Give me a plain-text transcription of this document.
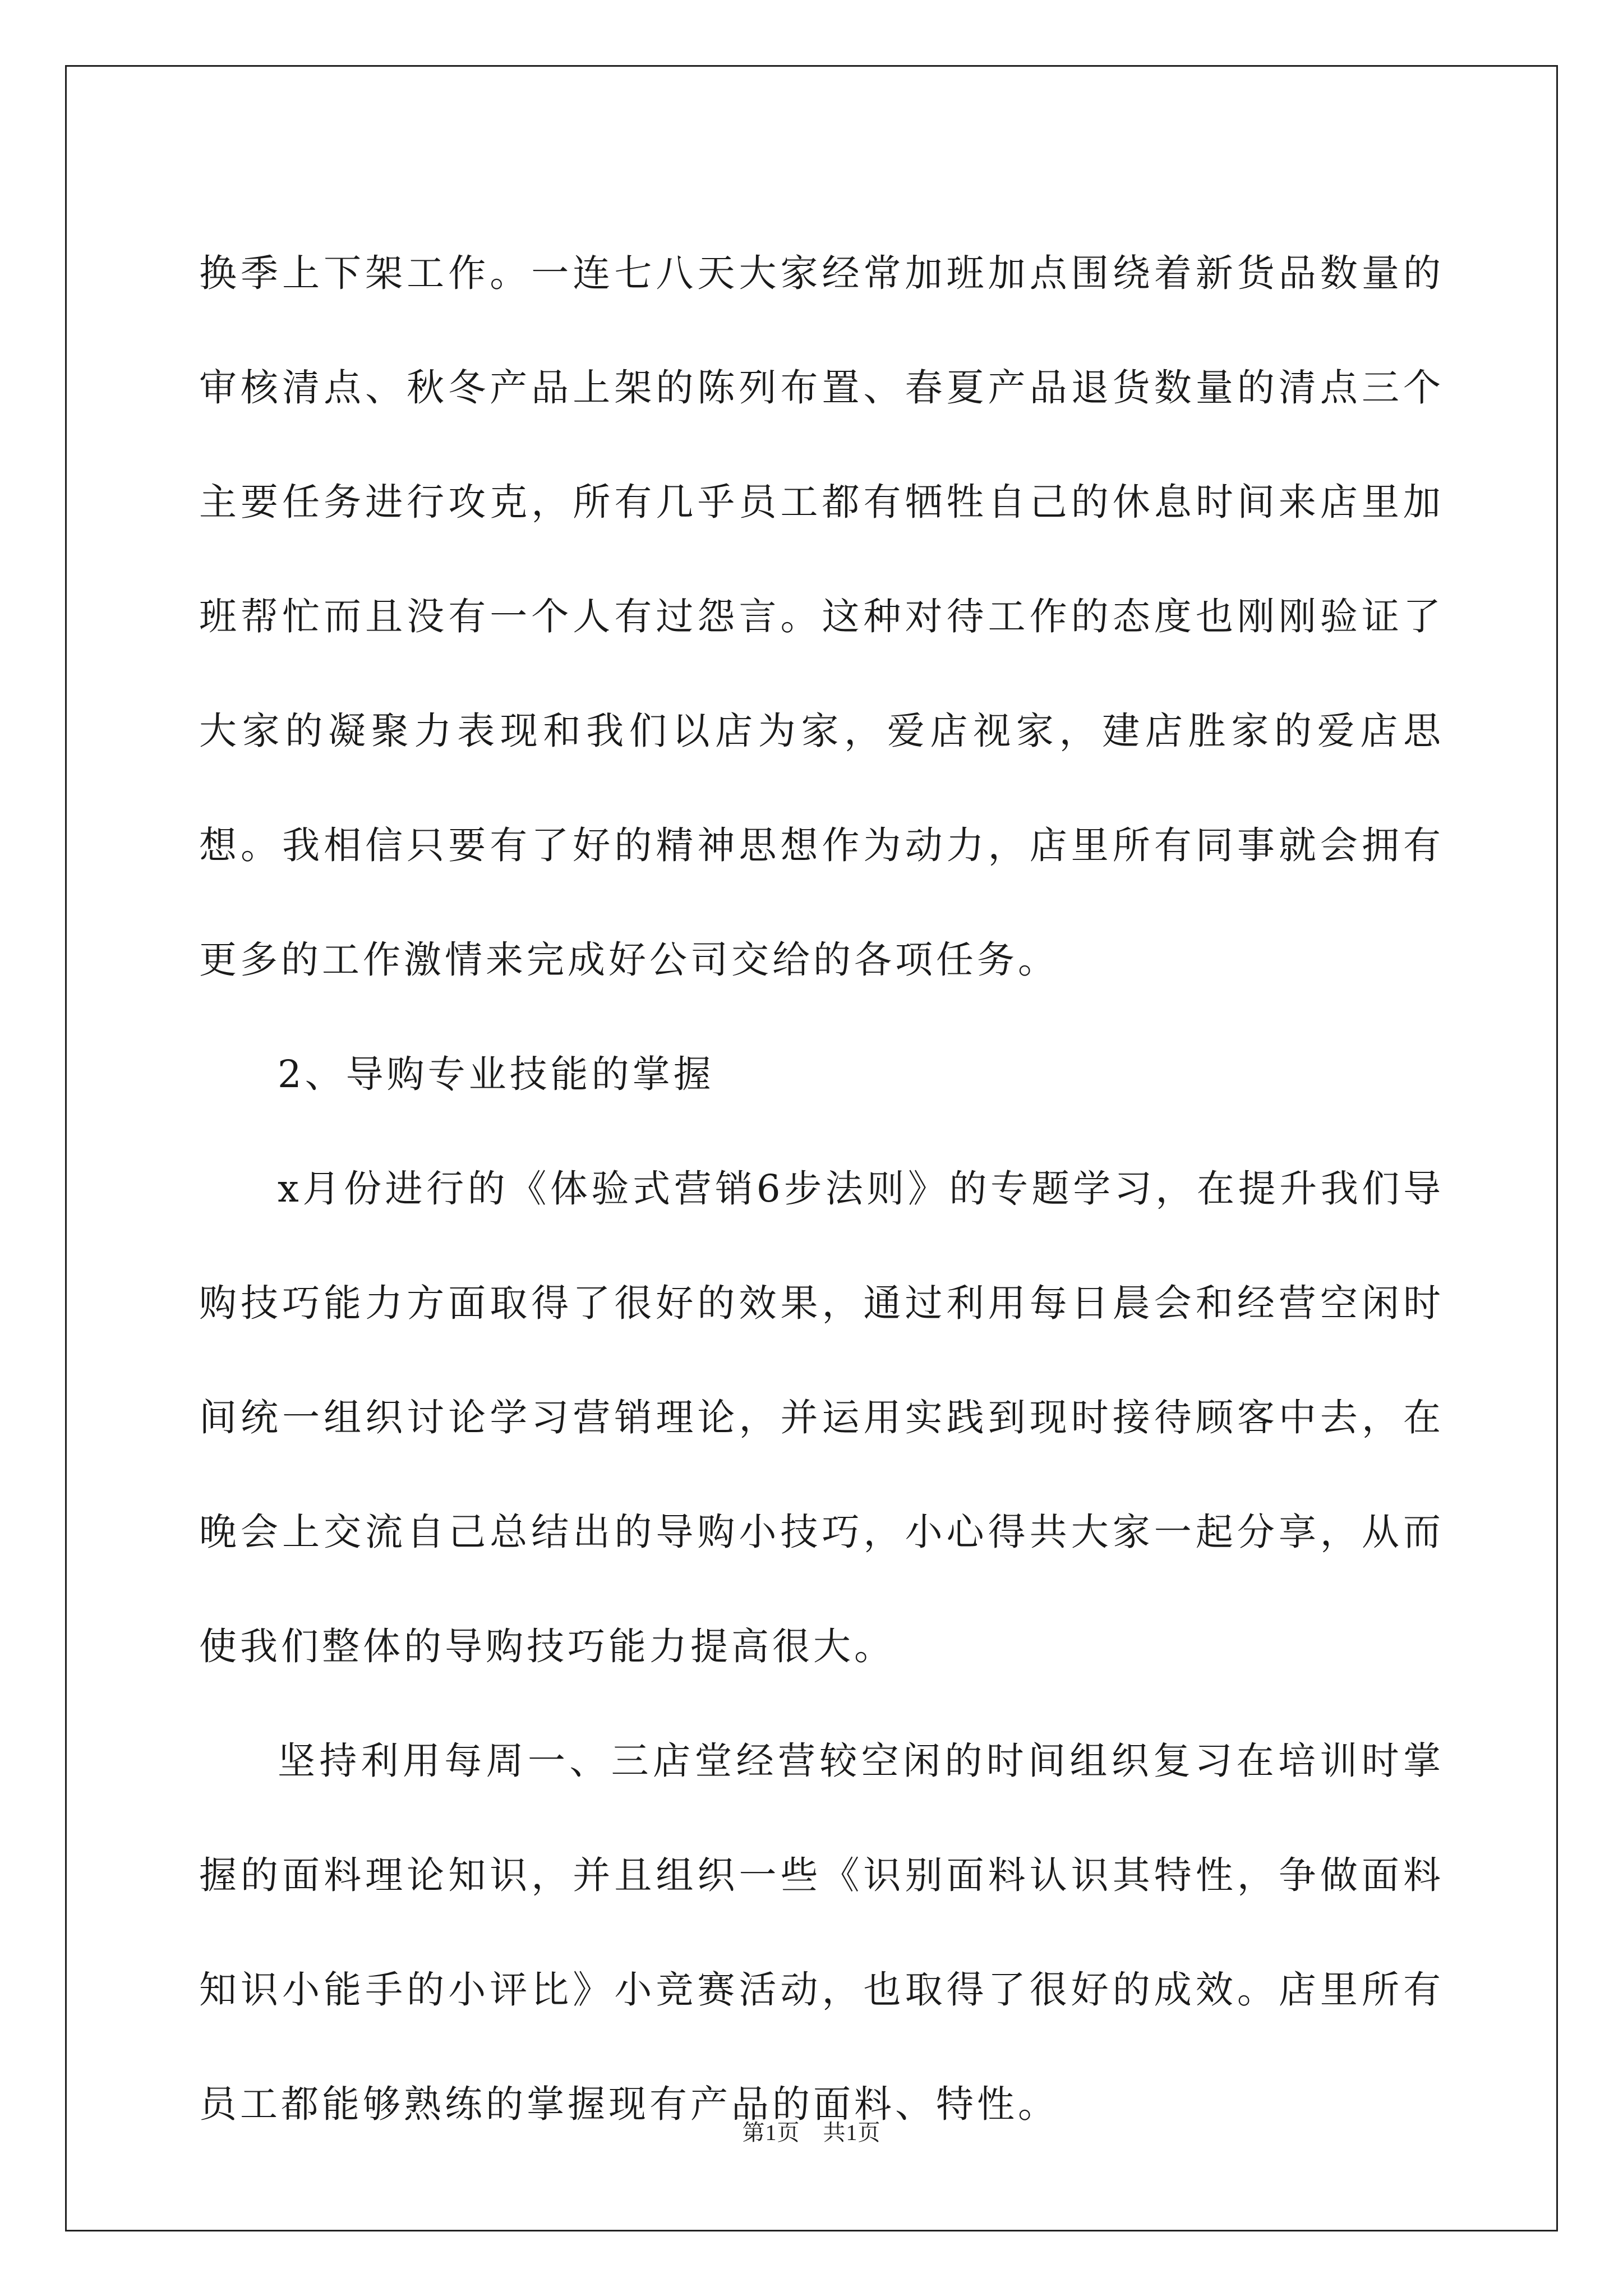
换季上下架工作。一连七八天大家经常加班加点围绕着新货品数量的审核清点、秋冬产品上架的陈列布置、春夏产品退货数量的清点三个主要任务进行攻克，所有几乎员工都有牺牲自己的休息时间来店里加班帮忙而且没有一个人有过怨言。这种对待工作的态度也刚刚验证了大家的凝聚力表现和我们以店为家，爱店视家，建店胜家的爱店思想。我相信只要有了好的精神思想作为动力，店里所有同事就会拥有更多的工作激情来完成好公司交给的各项任务。

2、导购专业技能的掌握

x月份进行的《体验式营销6步法则》的专题学习，在提升我们导购技巧能力方面取得了很好的效果，通过利用每日晨会和经营空闲时间统一组织讨论学习营销理论，并运用实践到现时接待顾客中去，在晚会上交流自己总结出的导购小技巧，小心得共大家一起分享，从而使我们整体的导购技巧能力提高很大。

坚持利用每周一、三店堂经营较空闲的时间组织复习在培训时掌握的面料理论知识，并且组织一些《识别面料认识其特性，争做面料知识小能手的小评比》小竞赛活动，也取得了很好的成效。店里所有员工都能够熟练的掌握现有产品的面料、特性。

第1页　共1页
